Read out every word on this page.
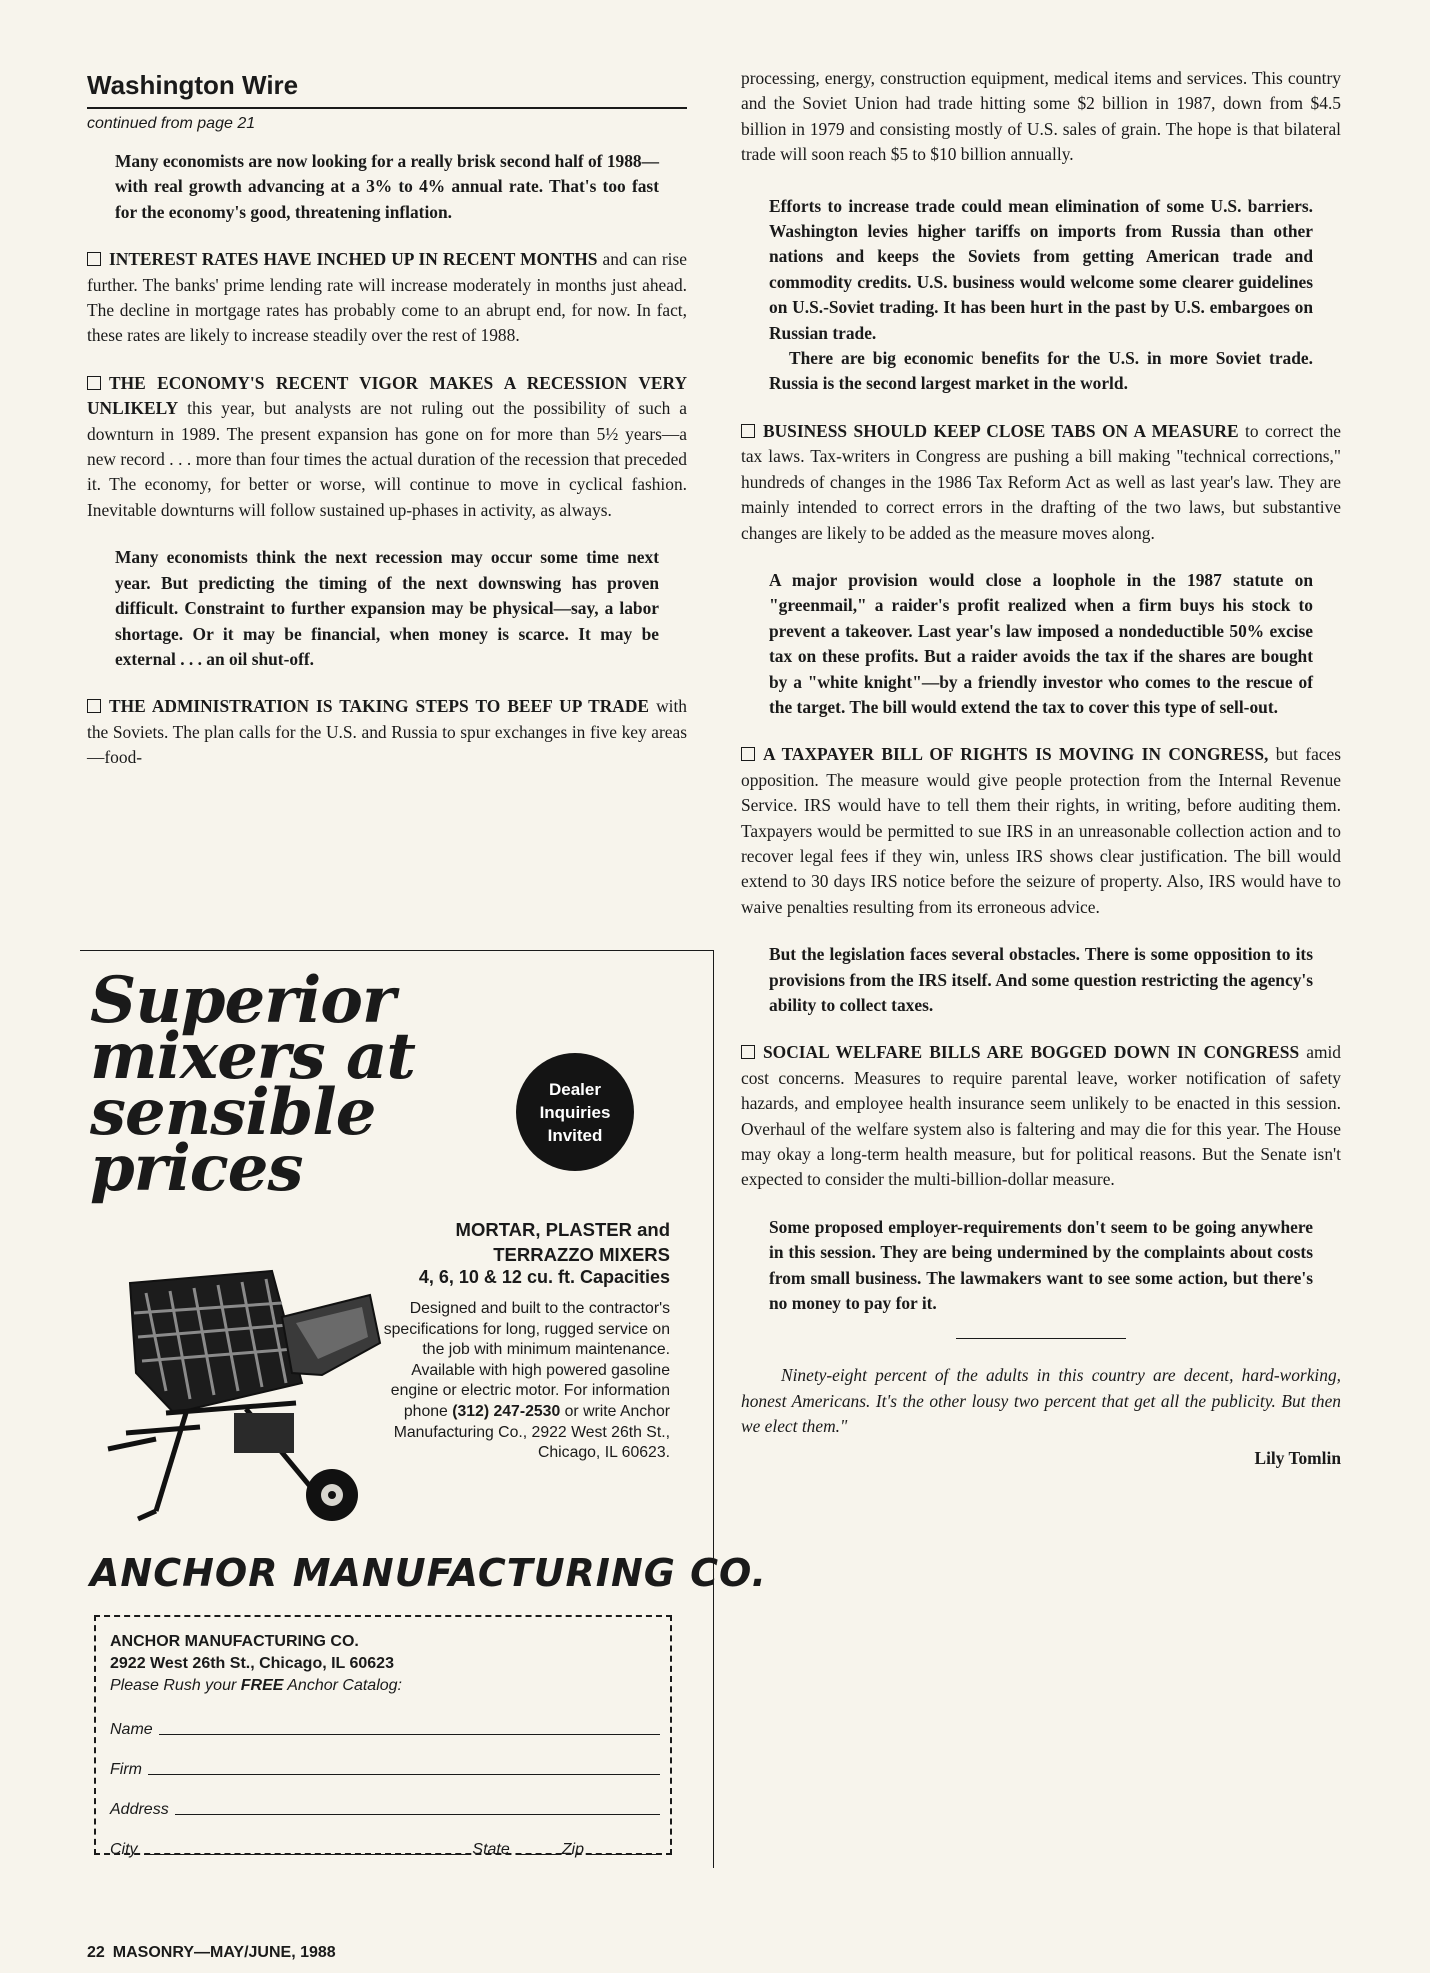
Washington Wire
continued from page 21

Many economists are now looking for a really brisk second half of 1988—with real growth advancing at a 3% to 4% annual rate. That's too fast for the economy's good, threatening inflation.

INTEREST RATES HAVE INCHED UP IN RECENT MONTHS and can rise further. The banks' prime lending rate will increase moderately in months just ahead. The decline in mortgage rates has probably come to an abrupt end, for now. In fact, these rates are likely to increase steadily over the rest of 1988.

THE ECONOMY'S RECENT VIGOR MAKES A RECESSION VERY UNLIKELY this year, but analysts are not ruling out the possibility of such a downturn in 1989. The present expansion has gone on for more than 5½ years—a new record . . . more than four times the actual duration of the recession that preceded it. The economy, for better or worse, will continue to move in cyclical fashion. Inevitable downturns will follow sustained up-phases in activity, as always.

Many economists think the next recession may occur some time next year. But predicting the timing of the next downswing has proven difficult. Constraint to further expansion may be physical—say, a labor shortage. Or it may be financial, when money is scarce. It may be external . . . an oil shut-off.

THE ADMINISTRATION IS TAKING STEPS TO BEEF UP TRADE with the Soviets. The plan calls for the U.S. and Russia to spur exchanges in five key areas—food-

processing, energy, construction equipment, medical items and services. This country and the Soviet Union had trade hitting some $2 billion in 1987, down from $4.5 billion in 1979 and consisting mostly of U.S. sales of grain. The hope is that bilateral trade will soon reach $5 to $10 billion annually.

Efforts to increase trade could mean elimination of some U.S. barriers. Washington levies higher tariffs on imports from Russia than other nations and keeps the Soviets from getting American trade and commodity credits. U.S. business would welcome some clearer guidelines on U.S.-Soviet trading. It has been hurt in the past by U.S. embargoes on Russian trade.

There are big economic benefits for the U.S. in more Soviet trade. Russia is the second largest market in the world.

BUSINESS SHOULD KEEP CLOSE TABS ON A MEASURE to correct the tax laws. Tax-writers in Congress are pushing a bill making "technical corrections," hundreds of changes in the 1986 Tax Reform Act as well as last year's law. They are mainly intended to correct errors in the drafting of the two laws, but substantive changes are likely to be added as the measure moves along.

A major provision would close a loophole in the 1987 statute on "greenmail," a raider's profit realized when a firm buys his stock to prevent a takeover. Last year's law imposed a nondeductible 50% excise tax on these profits. But a raider avoids the tax if the shares are bought by a "white knight"—by a friendly investor who comes to the rescue of the target. The bill would extend the tax to cover this type of sell-out.

A TAXPAYER BILL OF RIGHTS IS MOVING IN CONGRESS, but faces opposition. The measure would give people protection from the Internal Revenue Service. IRS would have to tell them their rights, in writing, before auditing them. Taxpayers would be permitted to sue IRS in an unreasonable collection action and to recover legal fees if they win, unless IRS shows clear justification. The bill would extend to 30 days IRS notice before the seizure of property. Also, IRS would have to waive penalties resulting from its erroneous advice.

But the legislation faces several obstacles. There is some opposition to its provisions from the IRS itself. And some question restricting the agency's ability to collect taxes.

SOCIAL WELFARE BILLS ARE BOGGED DOWN IN CONGRESS amid cost concerns. Measures to require parental leave, worker notification of safety hazards, and employee health insurance seem unlikely to be enacted in this session. Overhaul of the welfare system also is faltering and may die for this year. The House may okay a long-term health measure, but for political reasons. But the Senate isn't expected to consider the multi-billion-dollar measure.

Some proposed employer-requirements don't seem to be going anywhere in this session. They are being undermined by the complaints about costs from small business. The lawmakers want to see some action, but there's no money to pay for it.

Ninety-eight percent of the adults in this country are decent, hard-working, honest Americans. It's the other lousy two percent that get all the publicity. But then we elect them."

Lily Tomlin
Superior
mixers at
sensible
prices
Dealer
Inquiries
Invited
MORTAR, PLASTER and
TERRAZZO MIXERS
4, 6, 10 & 12 cu. ft. Capacities
Designed and built to the contractor's specifications for long, rugged service on the job with minimum maintenance. Available with high powered gasoline engine or electric motor. For information phone (312) 247-2530 or write Anchor Manufacturing Co., 2922 West 26th St., Chicago, IL 60623.
ANCHOR MANUFACTURING CO.
ANCHOR MANUFACTURING CO.
2922 West 26th St., Chicago, IL 60623
Please Rush your FREE Anchor Catalog:
Name
Firm
Address
City	State	Zip
22 MASONRY—MAY/JUNE, 1988
